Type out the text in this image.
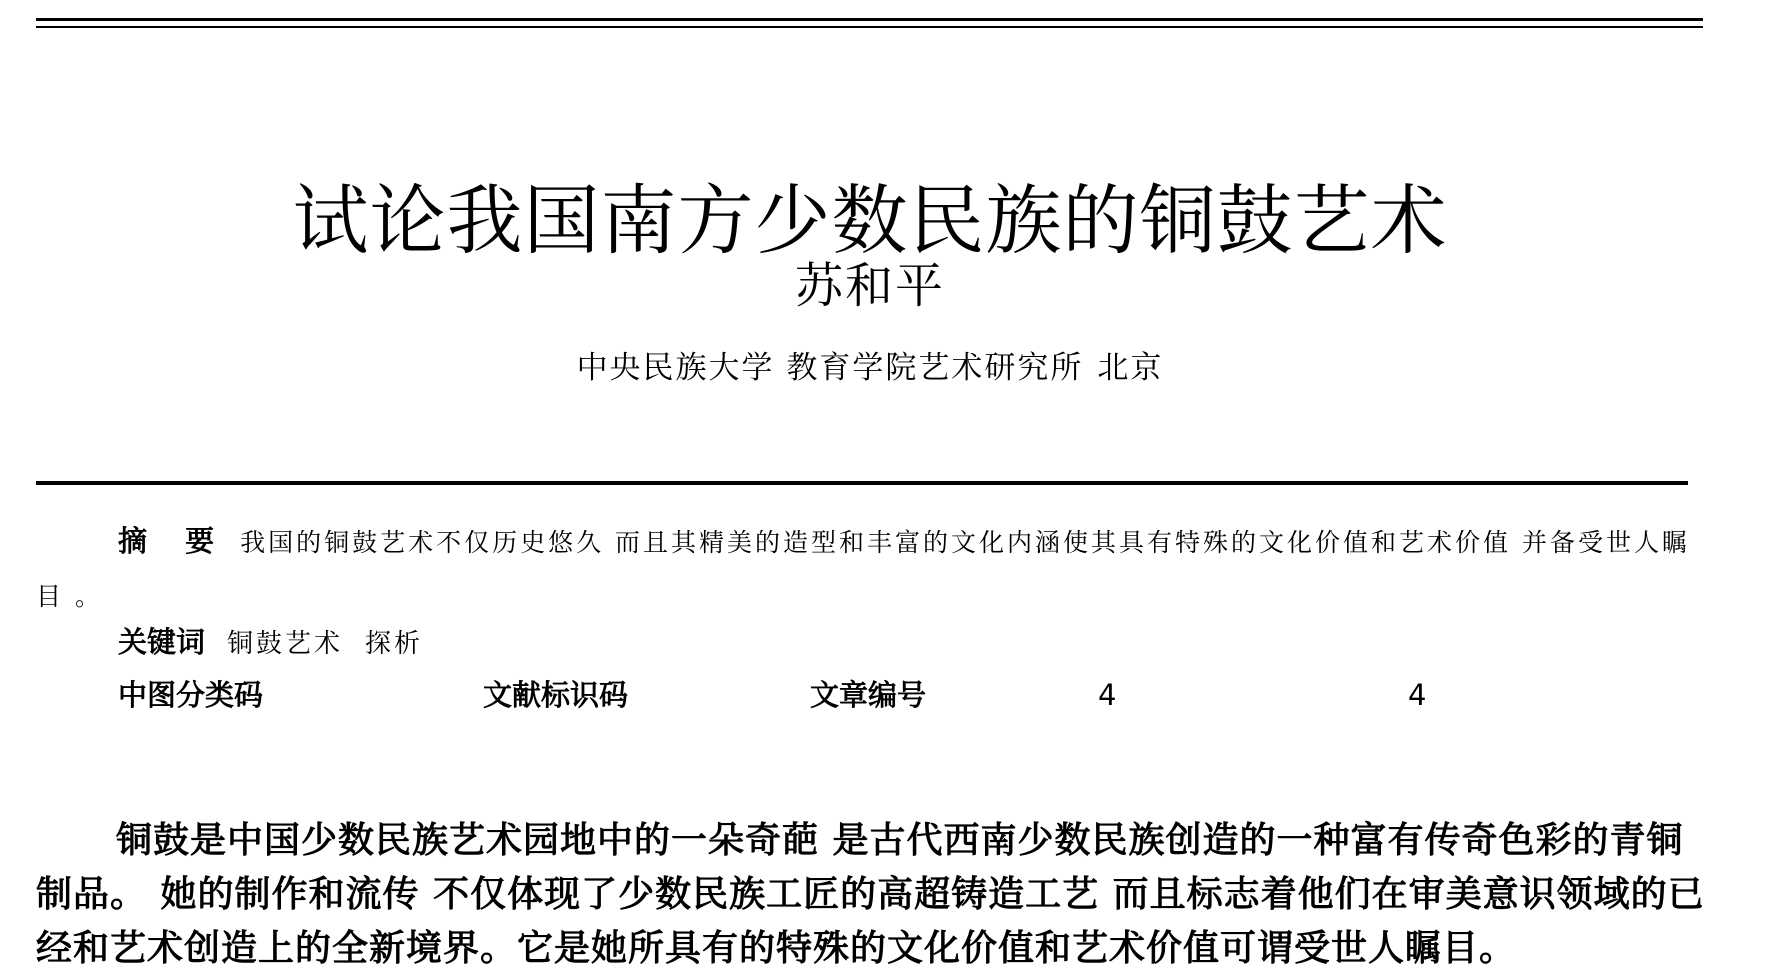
试论我国南方少数民族的铜鼓艺术
苏和平
中央民族大学 教育学院艺术研究所 北京
摘 要 我国的铜鼓艺术不仅历史悠久 而且其精美的造型和丰富的文化内涵使其具有特殊的文化价值和艺术价值 并备受世人瞩目 。
关键词 铜鼓艺术 探析
中图分类码	文献标识码	文章编号	4	4

铜鼓是中国少数民族艺术园地中的一朵奇葩 是古代西南少数民族创造的一种富有传奇色彩的青铜制品。 她的制作和流传 不仅体现了少数民族工匠的高超铸造工艺 而且标志着他们在审美意识领域的已经和艺术创造上的全新境界。它是她所具有的特殊的文化价值和艺术价值可谓受世人瞩目。
